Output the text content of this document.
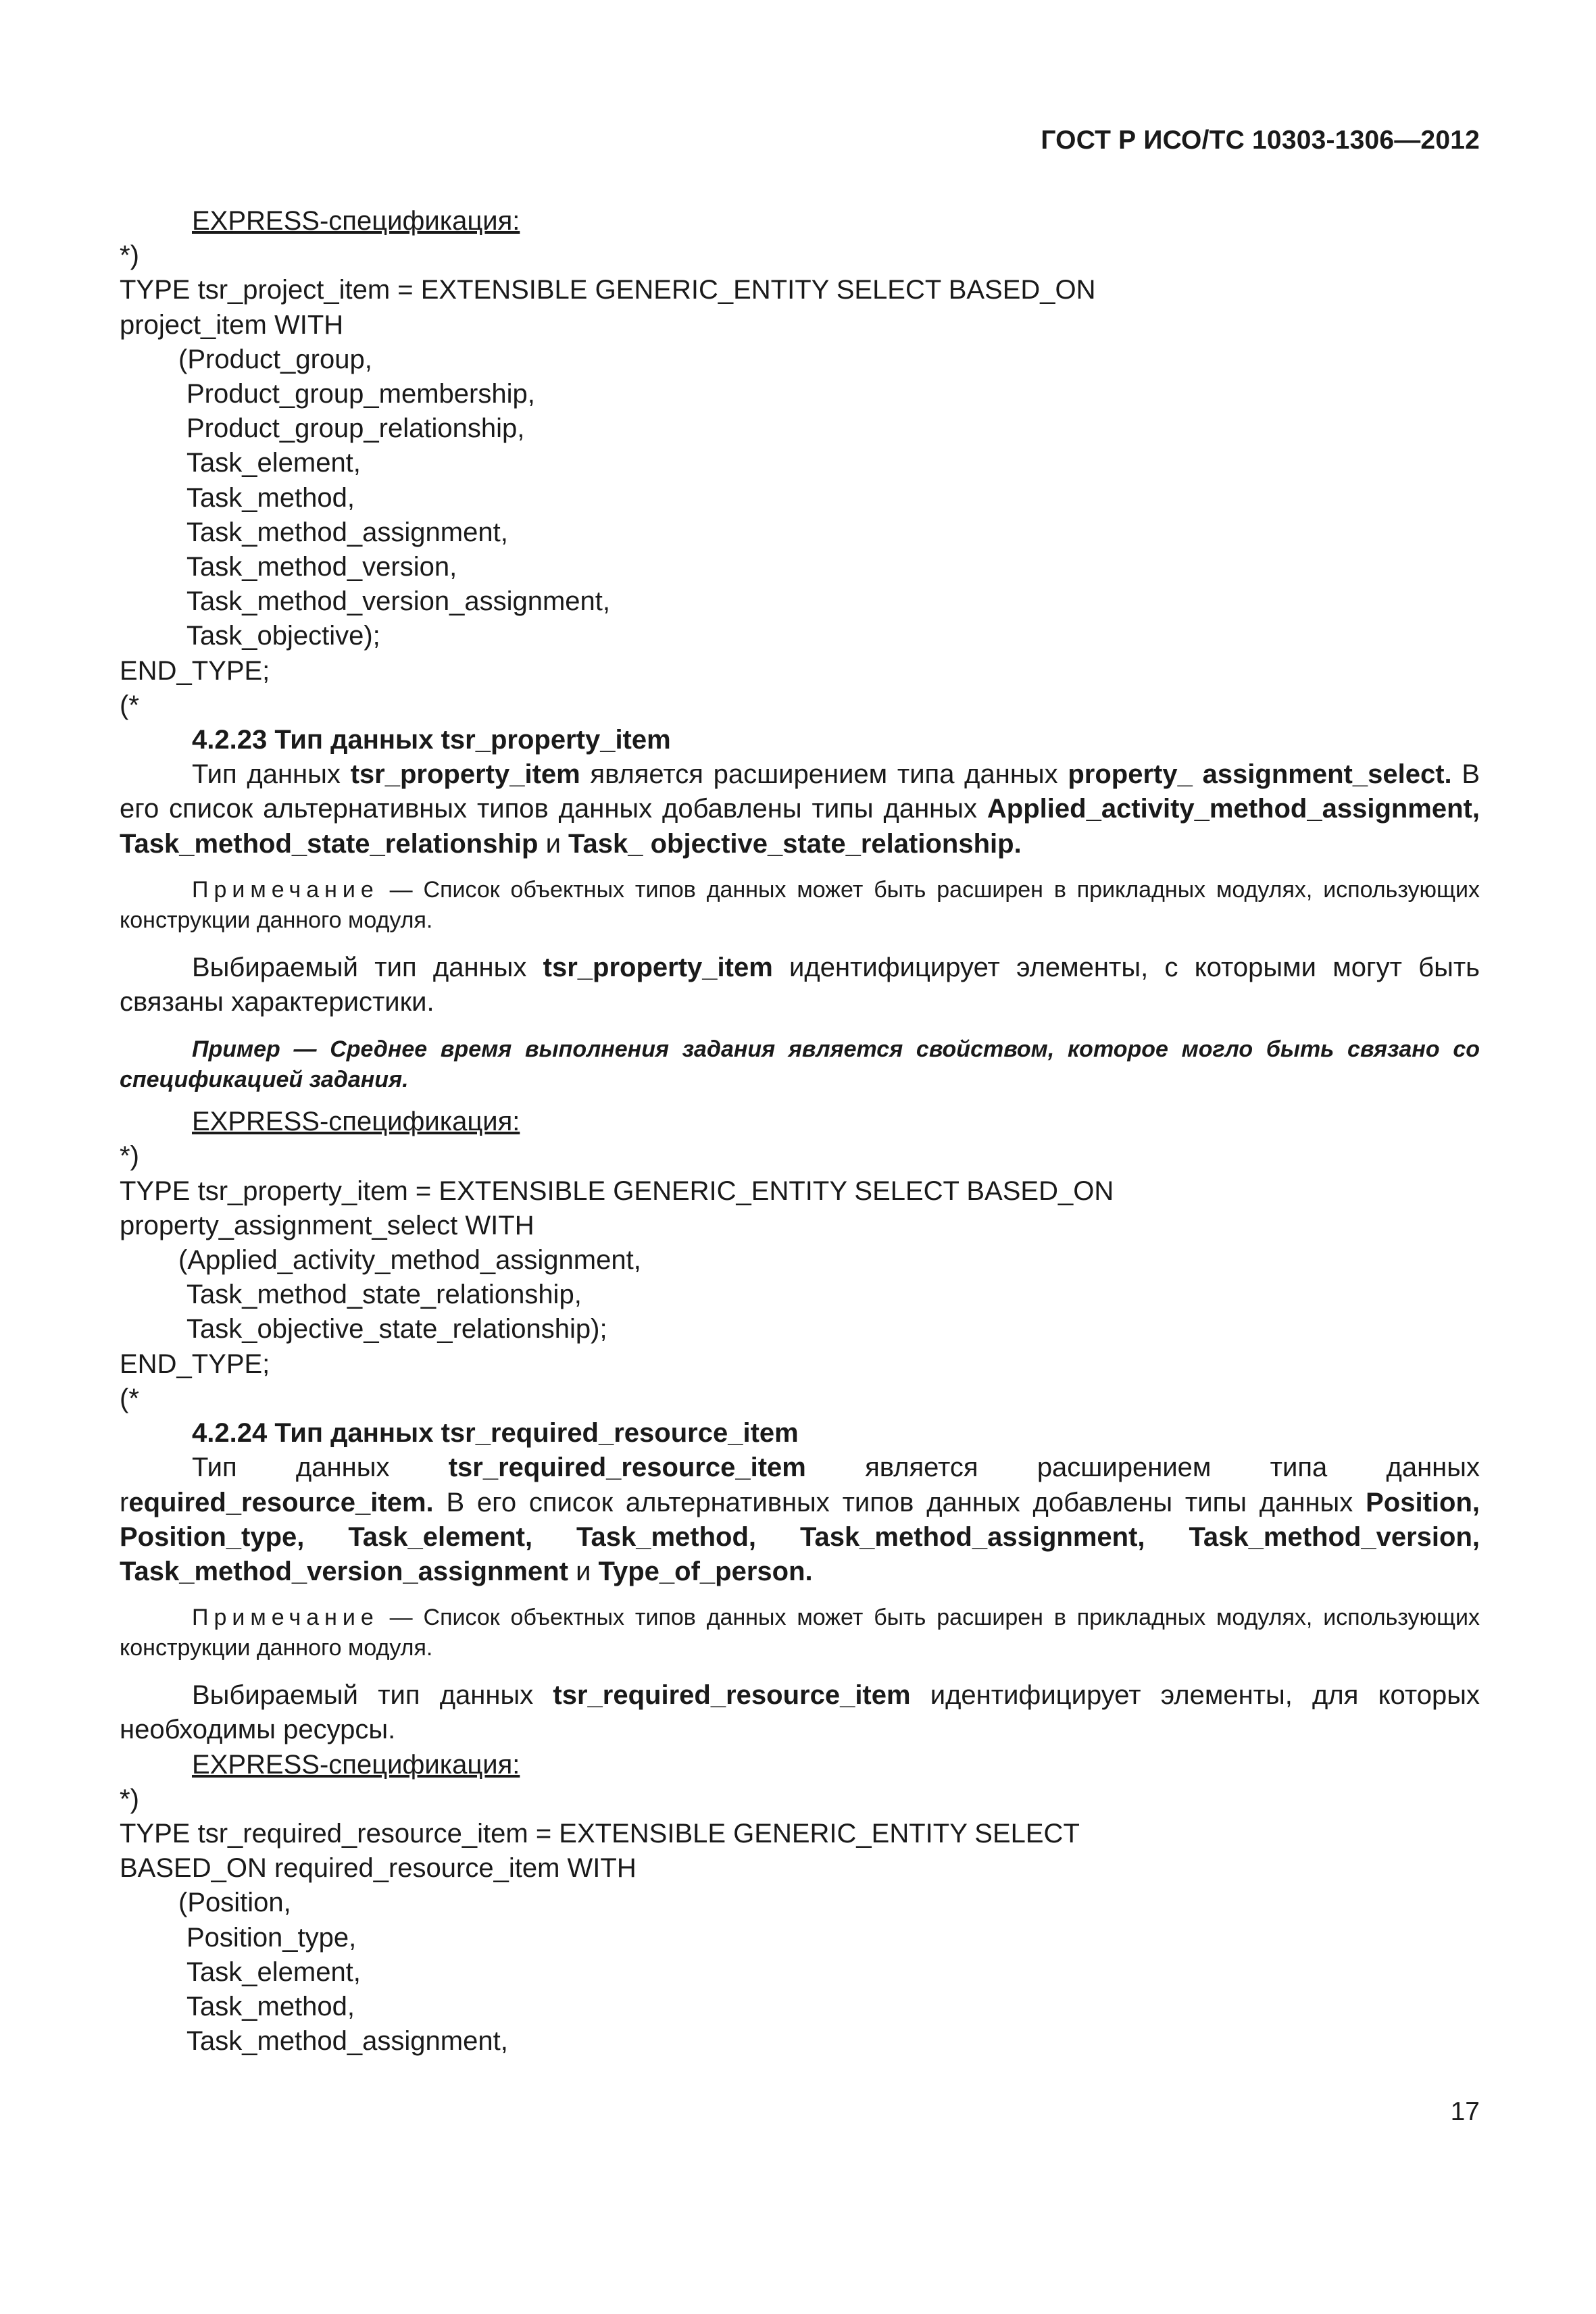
ГОСТ Р ИСО/ТС 10303-1306—2012

EXPRESS-спецификация:

*)

TYPE tsr_project_item = EXTENSIBLE GENERIC_ENTITY SELECT BASED_ON

project_item WITH

(Product_group,

Product_group_membership,

Product_group_relationship,

Task_element,

Task_method,

Task_method_assignment,

Task_method_version,

Task_method_version_assignment,

Task_objective);

END_TYPE;

(*

4.2.23 Тип данных tsr_property_item

Тип данных tsr_property_item является расширением типа данных property_ assignment_select. В его список альтернативных типов данных добавлены типы данных Applied_activity_method_assignment, Task_method_state_relationship и Task_ objective_state_relationship.

Примечание — Список объектных типов данных может быть расширен в прикладных модулях, использующих конструкции данного модуля.

Выбираемый тип данных tsr_property_item идентифицирует элементы, с которыми могут быть связаны характеристики.

Пример — Среднее время выполнения задания является свойством, которое могло быть связано со спецификацией задания.

EXPRESS-спецификация:

*)

TYPE tsr_property_item = EXTENSIBLE GENERIC_ENTITY SELECT BASED_ON

property_assignment_select WITH

(Applied_activity_method_assignment,

Task_method_state_relationship,

Task_objective_state_relationship);

END_TYPE;

(*

4.2.24 Тип данных tsr_required_resource_item

Тип данных tsr_required_resource_item является расширением типа данных required_resource_item. В его список альтернативных типов данных добавлены типы данных Position, Position_type, Task_element, Task_method, Task_method_assignment, Task_method_version, Task_method_version_assignment и Type_of_person.

Примечание — Список объектных типов данных может быть расширен в прикладных модулях, использующих конструкции данного модуля.

Выбираемый тип данных tsr_required_resource_item идентифицирует элементы, для которых необходимы ресурсы.

EXPRESS-спецификация:

*)

TYPE tsr_required_resource_item = EXTENSIBLE GENERIC_ENTITY SELECT

BASED_ON required_resource_item WITH

(Position,

Position_type,

Task_element,

Task_method,

Task_method_assignment,

17
